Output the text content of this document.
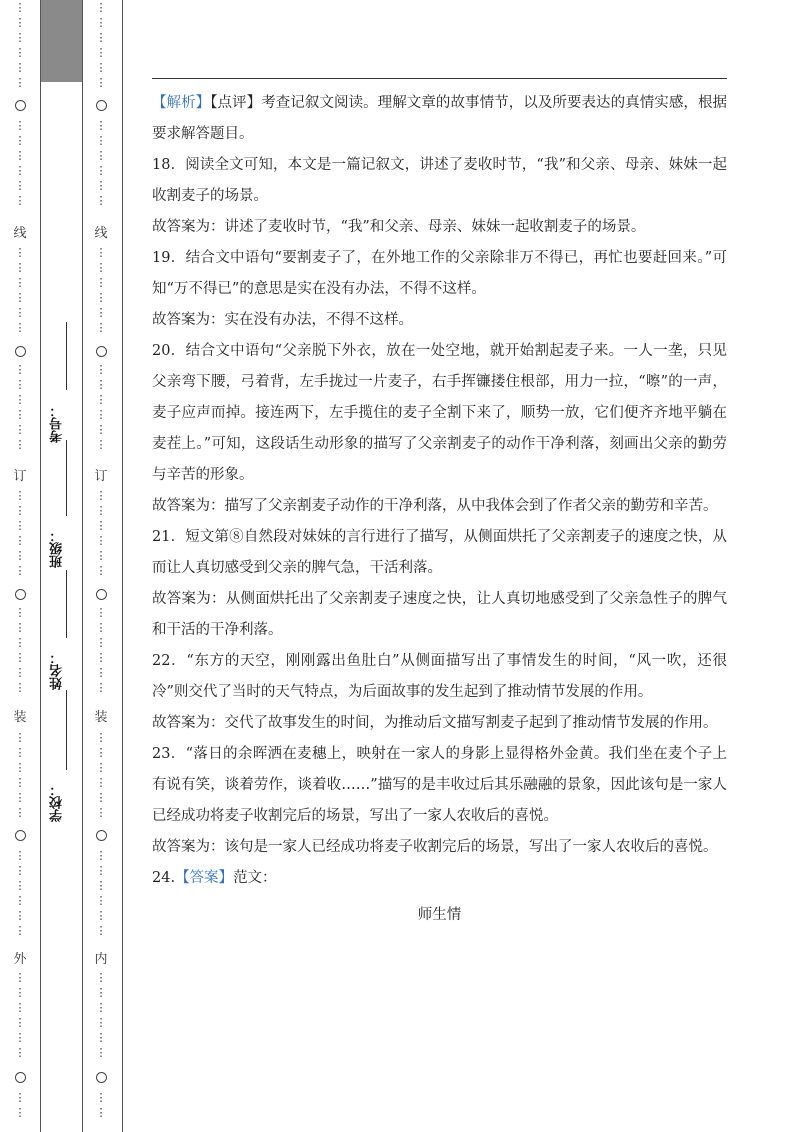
⋮
⋮
⋮
⋮
⋮
⋮
⋮
⋮
⋮
⋮
⋮
⋮
线
⋮
⋮
⋮
⋮
⋮
⋮
⋮
⋮
⋮
⋮
⋮
⋮
订
⋮
⋮
⋮
⋮
⋮
⋮
⋮
⋮
⋮
⋮
⋮
⋮
装
⋮
⋮
⋮
⋮
⋮
⋮
⋮
⋮
⋮
⋮
⋮
⋮
外
⋮
⋮
⋮
⋮
⋮
⋮
⋮
⋮
⋮
⋮
⋮
⋮
⋮
⋮
⋮
⋮
⋮
⋮
⋮
⋮
线
⋮
⋮
⋮
⋮
⋮
⋮
⋮
⋮
⋮
⋮
⋮
⋮
订
⋮
⋮
⋮
⋮
⋮
⋮
⋮
⋮
⋮
⋮
⋮
⋮
装
⋮
⋮
⋮
⋮
⋮
⋮
⋮
⋮
⋮
⋮
⋮
⋮
内
⋮
⋮
⋮
⋮
⋮
⋮
⋮
⋮
学校：
姓名：
班级：
考号：

【解析】【点评】考查记叙文阅读。理解文章的故事情节，以及所要表达的真情实感，根据要求解答题目。

18．阅读全文可知，本文是一篇记叙文，讲述了麦收时节，“我”和父亲、母亲、妹妹一起收割麦子的场景。

故答案为：讲述了麦收时节，“我”和父亲、母亲、妹妹一起收割麦子的场景。

19．结合文中语句“要割麦子了，在外地工作的父亲除非万不得已，再忙也要赶回来。”可知“万不得已”的意思是实在没有办法，不得不这样。

故答案为：实在没有办法，不得不这样。

20．结合文中语句“父亲脱下外衣，放在一处空地，就开始割起麦子来。一人一垄，只见父亲弯下腰，弓着背，左手拢过一片麦子，右手挥镰搂住根部，用力一拉，“嚓”的一声，麦子应声而掉。接连两下，左手揽住的麦子全割下来了，顺势一放，它们便齐齐地平躺在麦茬上。”可知，这段话生动形象的描写了父亲割麦子的动作干净利落，刻画出父亲的勤劳与辛苦的形象。

故答案为：描写了父亲割麦子动作的干净利落，从中我体会到了作者父亲的勤劳和辛苦。

21．短文第⑧自然段对妹妹的言行进行了描写，从侧面烘托了父亲割麦子的速度之快，从而让人真切感受到父亲的脾气急，干活利落。

故答案为：从侧面烘托出了父亲割麦子速度之快，让人真切地感受到了父亲急性子的脾气和干活的干净利落。

22．“东方的天空，刚刚露出鱼肚白”从侧面描写出了事情发生的时间，“风一吹，还很冷”则交代了当时的天气特点，为后面故事的发生起到了推动情节发展的作用。

故答案为：交代了故事发生的时间，为推动后文描写割麦子起到了推动情节发展的作用。

23．“落日的余晖洒在麦穗上，映射在一家人的身影上显得格外金黄。我们坐在麦个子上有说有笑，谈着劳作，谈着收……”描写的是丰收过后其乐融融的景象，因此该句是一家人已经成功将麦子收割完后的场景，写出了一家人农收后的喜悦。

故答案为：该句是一家人已经成功将麦子收割完后的场景，写出了一家人农收后的喜悦。

24.【答案】范文：

师生情
